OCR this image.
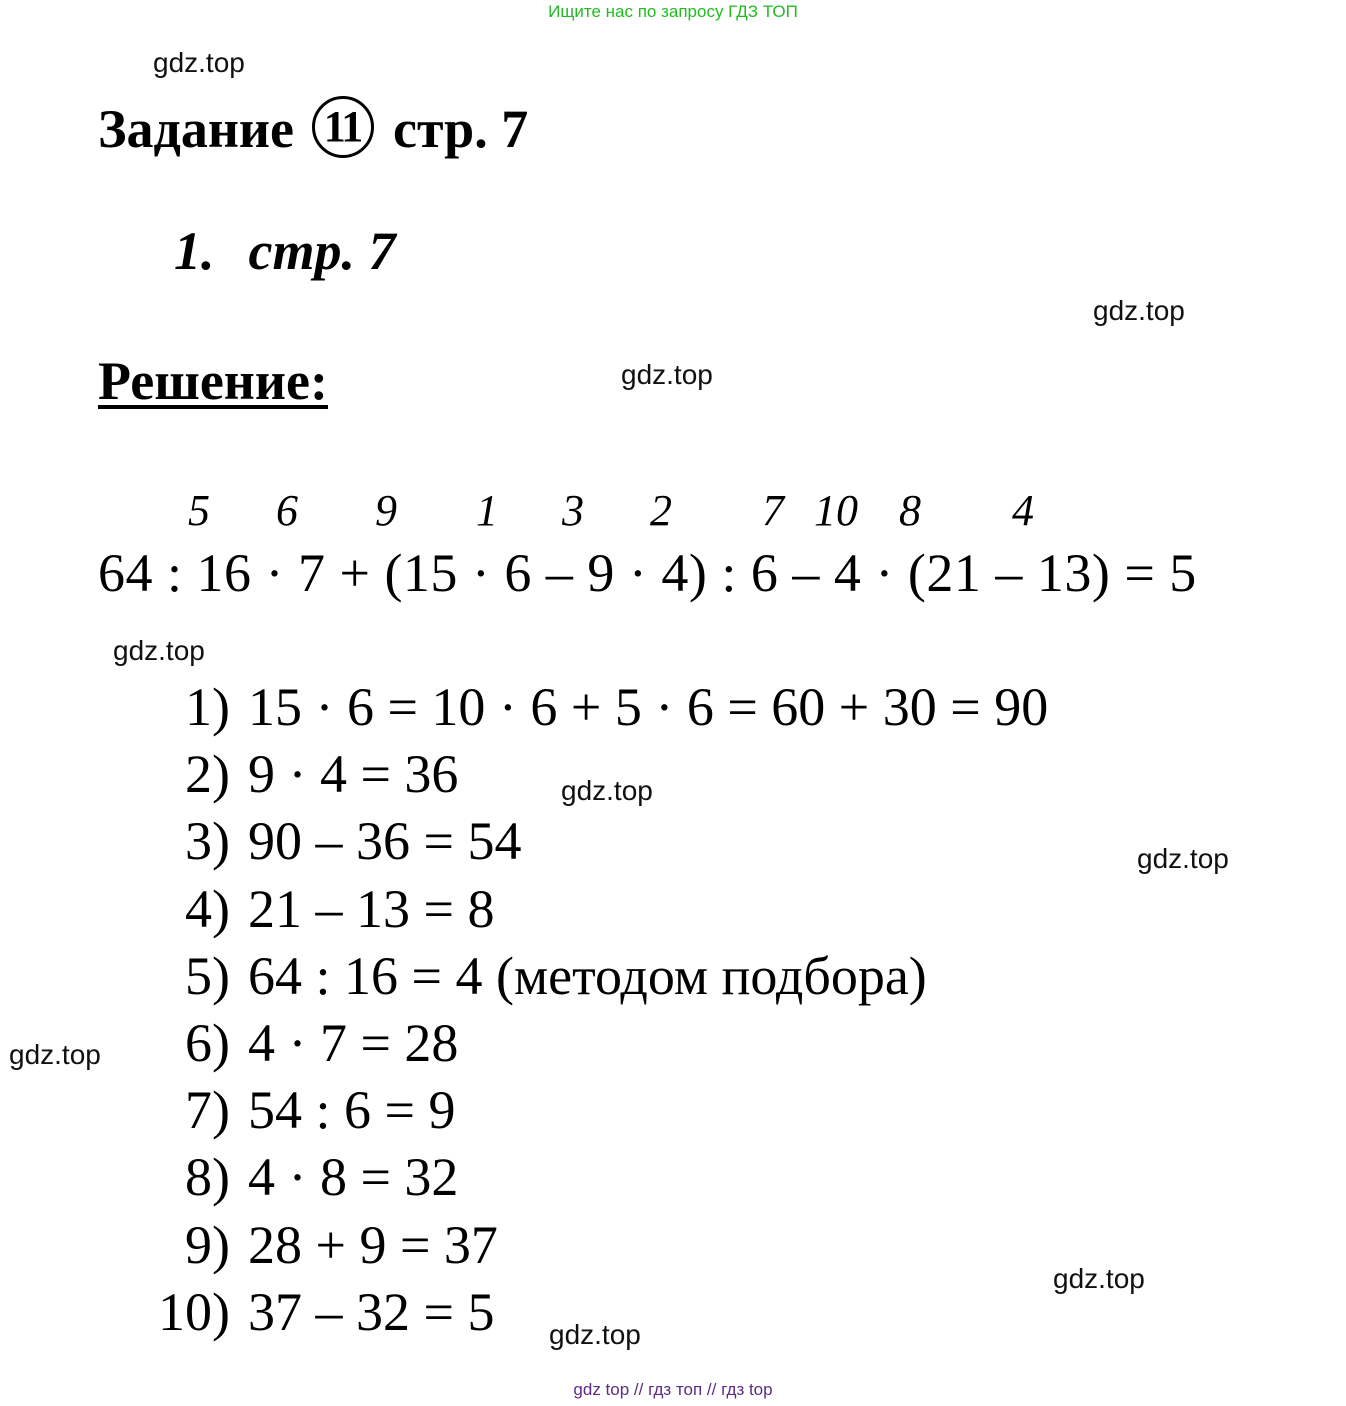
Ищите нас по запросу ГДЗ ТОП
gdz.top
gdz.top
gdz.top
gdz.top
gdz.top
gdz.top
gdz.top
gdz.top
gdz.top
Задание 11 стр. 7
1. стр. 7
Решение:
5 6 9 1 3 2 7 10 8 4
64 : 16 · 7 + (15 · 6 – 9 · 4) : 6 – 4 · (21 – 13) = 5
1) 15 · 6 = 10 · 6 + 5 · 6 = 60 + 30 = 90
2) 9 · 4 = 36
3) 90 – 36 = 54
4) 21 – 13 = 8
5) 64 : 16 = 4 (методом подбора)
6) 4 · 7 = 28
7) 54 : 6 = 9
8) 4 · 8 = 32
9) 28 + 9 = 37
10) 37 – 32 = 5
gdz top // гдз топ // гдз top
